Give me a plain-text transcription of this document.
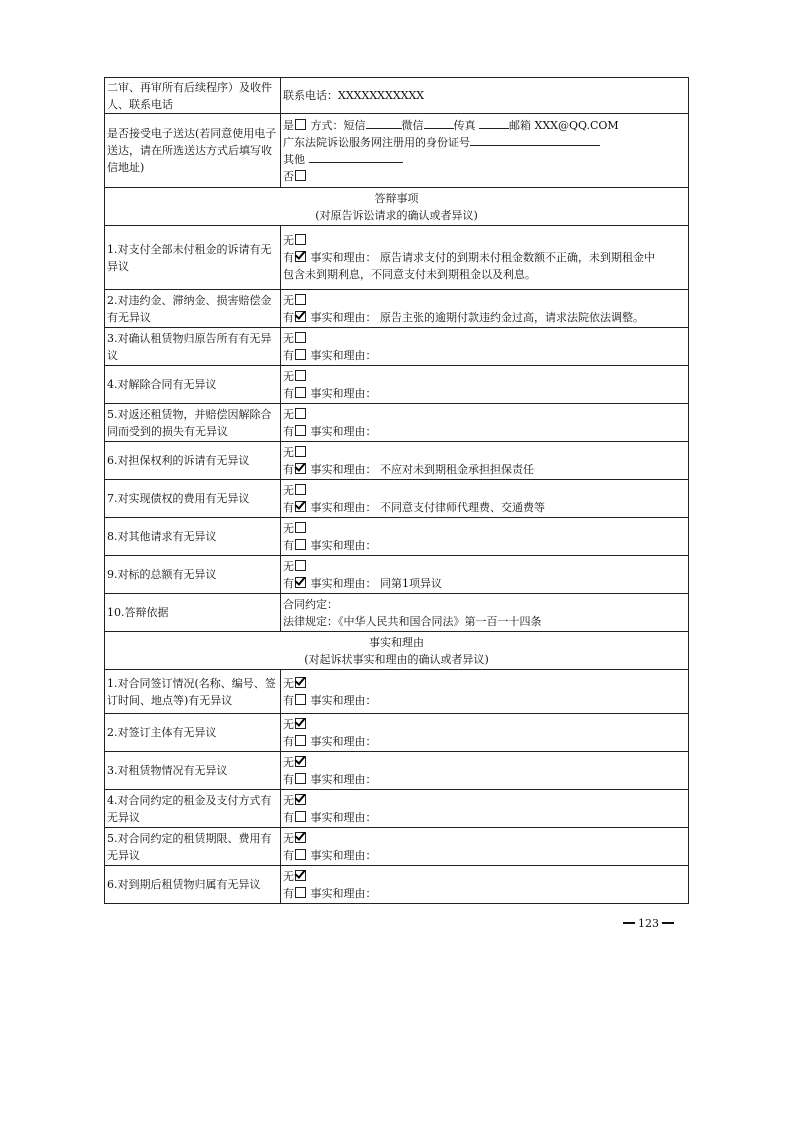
二审、再审所有后续程序）及收件人、联系电话	联系电话：XXXXXXXXXXX
是否接受电子送达(若同意使用电子送达，请在所选送达方式后填写收信地址)	是 方式：短信 微信 传真 邮箱 XXX@QQ.COM
广东法院诉讼服务网注册用的身份证号
其他
否

答辩事项
(对原告诉讼请求的确认或者异议)	

1.对支付全部未付租金的诉请有无异议	无
有 事实和理由： 原告请求支付的到期未付租金数额不正确，未到期租金中
包含未到期利息，不同意支付未到期租金以及利息。

2.对违约金、滞纳金、损害赔偿金有无异议	无
有 事实和理由： 原告主张的逾期付款违约金过高，请求法院依法调整。

3.对确认租赁物归原告所有有无异议	无
有 事实和理由：

4.对解除合同有无异议	无
有 事实和理由：

5.对返还租赁物，并赔偿因解除合同而受到的损失有无异议	无
有 事实和理由：

6.对担保权利的诉请有无异议	无
有 事实和理由： 不应对未到期租金承担担保责任

7.对实现债权的费用有无异议	无
有 事实和理由： 不同意支付律师代理费、交通费等

8.对其他请求有无异议	无
有 事实和理由：

9.对标的总额有无异议	无
有 事实和理由： 同第1项异议

10.答辩依据	合同约定：
法律规定：《中华人民共和国合同法》第一百一十四条

事实和理由
(对起诉状事实和理由的确认或者异议)	

1.对合同签订情况(名称、编号、签订时间、地点等)有无异议	无
有 事实和理由：

2.对签订主体有无异议	无
有 事实和理由：

3.对租赁物情况有无异议	无
有 事实和理由：

4.对合同约定的租金及支付方式有无异议	无
有 事实和理由：

5.对合同约定的租赁期限、费用有无异议	无
有 事实和理由：

6.对到期后租赁物归属有无异议	无
有 事实和理由：
123
